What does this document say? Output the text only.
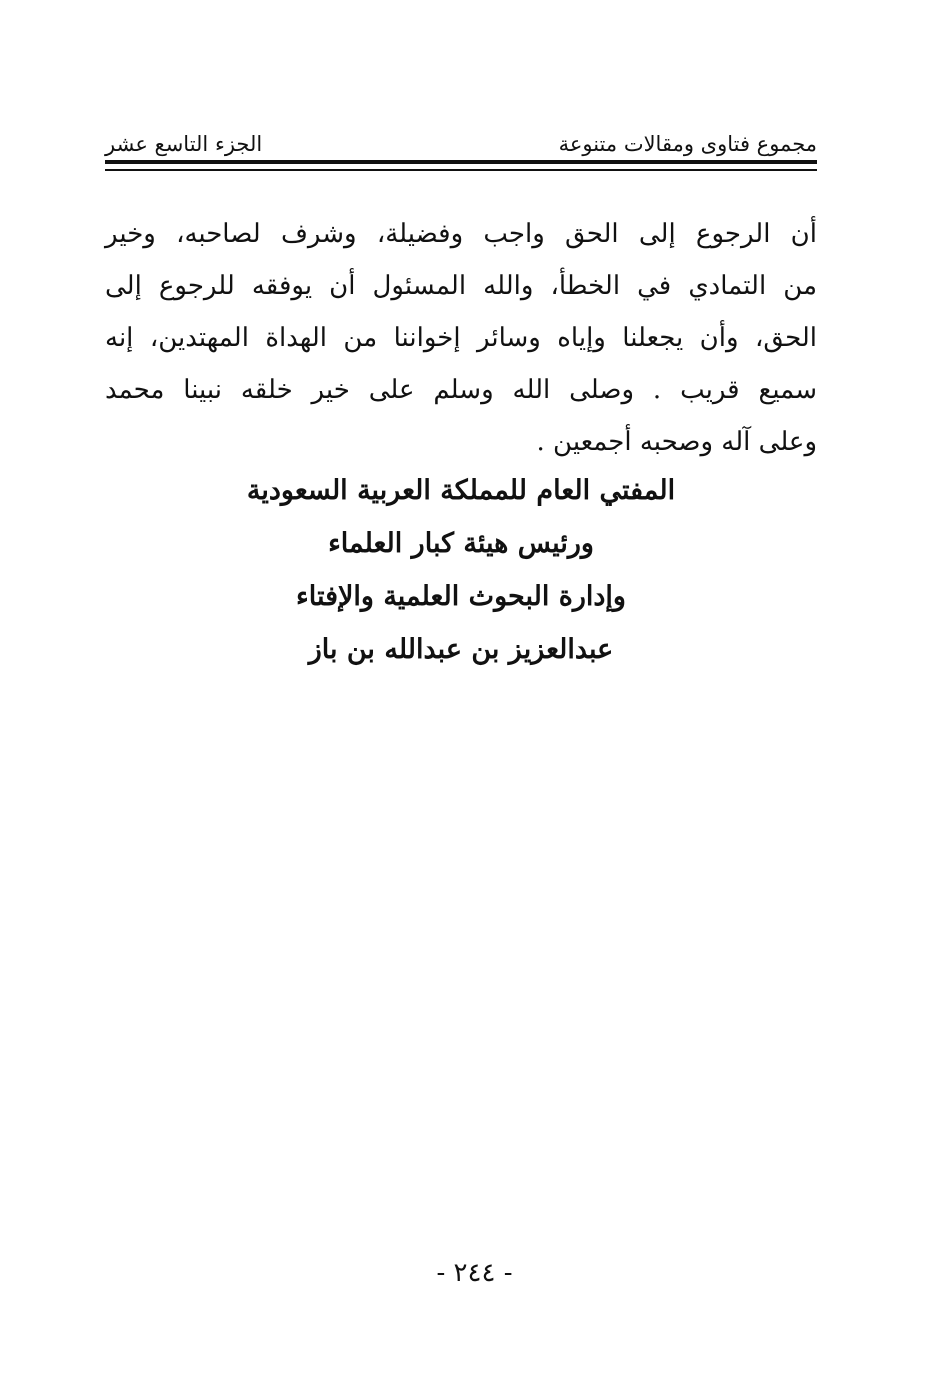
مجموع فتاوى ومقالات متنوعة
الجزء التاسع عشر
أن الرجوع إلى الحق واجب وفضيلة، وشرف لصاحبه، وخير
من التمادي في الخطأ، والله المسئول أن يوفقه للرجوع إلى
الحق، وأن يجعلنا وإياه وسائر إخواننا من الهداة المهتدين، إنه
سميع قريب . وصلى الله وسلم على خير خلقه نبينا محمد
وعلى آله وصحبه أجمعين .
المفتي العام للمملكة العربية السعودية
ورئيس هيئة كبار العلماء
وإدارة البحوث العلمية والإفتاء
عبدالعزيز بن عبدالله بن باز
- ٢٤٤ -
